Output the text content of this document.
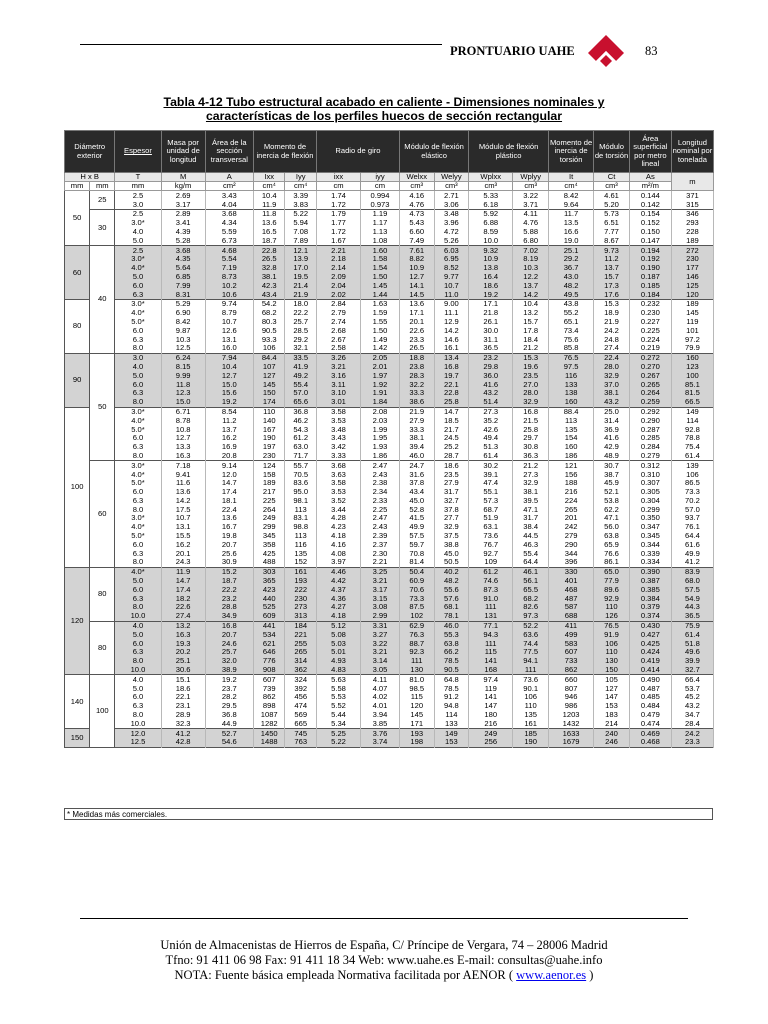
PRONTUARIO UAHE	83
Tabla 4-12 Tubo estructural acabado en caliente - Dimensiones nominales y
características de los perfiles huecos de sección rectangular
Diámetro exterior		Espesor	Masa por unidad de longitud	Área de la sección transversal	Momento de inercia de flexión		Radio de giro		Módulo de flexión elástico		Módulo de flexión plástico		Momento de inercia de torsión	Módulo de torsión	Área superficial por metro lineal	Longitud nominal por tonelada
H x B		T	M	A	Ixx	Iyy	ixx	iyy	Welxx	Welyy	Wplxx	Wplyy	It	Ct	As	m
mm	mm	mm	kg/m	cm²	cm⁴	cm⁴	cm	cm	cm³	cm³	cm³	cm³	cm⁴	cm³	m²/m	
50	25	2.5	2.69	3.43	10.4	3.39	1.74	0.994	4.16	2.71	5.33	3.22	8.42	4.61	0.144	371
		3.0	3.17	4.04	11.9	3.83	1.72	0.973	4.76	3.06	6.18	3.71	9.64	5.20	0.142	315
	30	2.5	2.89	3.68	11.8	5.22	1.79	1.19	4.73	3.48	5.92	4.11	11.7	5.73	0.154	346
		3.0*	3.41	4.34	13.6	5.94	1.77	1.17	5.43	3.96	6.88	4.76	13.5	6.51	0.152	293
		4.0	4.39	5.59	16.5	7.08	1.72	1.13	6.60	4.72	8.59	5.88	16.6	7.77	0.150	228
		5.0	5.28	6.73	18.7	7.89	1.67	1.08	7.49	5.26	10.0	6.80	19.0	8.67	0.147	189
60	40	2.5	3.68	4.68	22.8	12.1	2.21	1.60	7.61	6.03	9.32	7.02	25.1	9.73	0.194	272
		3.0*	4.35	5.54	26.5	13.9	2.18	1.58	8.82	6.95	10.9	8.19	29.2	11.2	0.192	230
		4.0*	5.64	7.19	32.8	17.0	2.14	1.54	10.9	8.52	13.8	10.3	36.7	13.7	0.190	177
		5.0	6.85	8.73	38.1	19.5	2.09	1.50	12.7	9.77	16.4	12.2	43.0	15.7	0.187	146
		6.0	7.99	10.2	42.3	21.4	2.04	1.45	14.1	10.7	18.6	13.7	48.2	17.3	0.185	125
		6.3	8.31	10.6	43.4	21.9	2.02	1.44	14.5	11.0	19.2	14.2	49.5	17.6	0.184	120
80		3.0*	5.29	9.74	54.2	18.0	2.84	1.63	13.6	9.00	17.1	10.4	43.8	15.3	0.232	189
		4.0*	6.90	8.79	68.2	22.2	2.79	1.59	17.1	11.1	21.8	13.2	55.2	18.9	0.230	145
		5.0*	8.42	10.7	80.3	25.7	2.74	1.55	20.1	12.9	26.1	15.7	65.1	21.9	0.227	119
		6.0	9.87	12.6	90.5	28.5	2.68	1.50	22.6	14.2	30.0	17.8	73.4	24.2	0.225	101
		6.3	10.3	13.1	93.3	29.2	2.67	1.49	23.3	14.6	31.1	18.4	75.6	24.8	0.224	97.2
		8.0	12.5	16.0	106	32.1	2.58	1.42	26.5	16.1	36.5	21.2	85.8	27.4	0.219	79.9
90	50	3.0	6.24	7.94	84.4	33.5	3.26	2.05	18.8	13.4	23.2	15.3	76.5	22.4	0.272	160
		4.0	8.15	10.4	107	41.9	3.21	2.01	23.8	16.8	29.8	19.6	97.5	28.0	0.270	123
		5.0	9.99	12.7	127	49.2	3.16	1.97	28.3	19.7	36.0	23.5	116	32.9	0.267	100
		6.0	11.8	15.0	145	55.4	3.11	1.92	32.2	22.1	41.6	27.0	133	37.0	0.265	85.1
		6.3	12.3	15.6	150	57.0	3.10	1.91	33.3	22.8	43.2	28.0	138	38.1	0.264	81.5
		8.0	15.0	19.2	174	65.6	3.01	1.84	38.6	25.8	51.4	32.9	160	43.2	0.259	66.5
100		3.0*	6.71	8.54	110	36.8	3.58	2.08	21.9	14.7	27.3	16.8	88.4	25.0	0.292	149
		4.0*	8.78	11.2	140	46.2	3.53	2.03	27.9	18.5	35.2	21.5	113	31.4	0.290	114
		5.0*	10.8	13.7	167	54.3	3.48	1.99	33.3	21.7	42.6	25.8	135	36.9	0.287	92.8
		6.0	12.7	16.2	190	61.2	3.43	1.95	38.1	24.5	49.4	29.7	154	41.6	0.285	78.8
		6.3	13.3	16.9	197	63.0	3.42	1.93	39.4	25.2	51.3	30.8	160	42.9	0.284	75.4
		8.0	16.3	20.8	230	71.7	3.33	1.86	46.0	28.7	61.4	36.3	186	48.9	0.279	61.4
	60	3.0*	7.18	9.14	124	55.7	3.68	2.47	24.7	18.6	30.2	21.2	121	30.7	0.312	139
		4.0*	9.41	12.0	158	70.5	3.63	2.43	31.6	23.5	39.1	27.3	156	38.7	0.310	106
		5.0*	11.6	14.7	189	83.6	3.58	2.38	37.8	27.9	47.4	32.9	188	45.9	0.307	86.5
		6.0	13.6	17.4	217	95.0	3.53	2.34	43.4	31.7	55.1	38.1	216	52.1	0.305	73.3
		6.3	14.2	18.1	225	98.1	3.52	2.33	45.0	32.7	57.3	39.5	224	53.8	0.304	70.2
		8.0	17.5	22.4	264	113	3.44	2.25	52.8	37.8	68.7	47.1	265	62.2	0.299	57.0
		3.0*	10.7	13.6	249	83.1	4.28	2.47	41.5	27.7	51.9	31.7	201	47.1	0.350	93.7
		4.0*	13.1	16.7	299	98.8	4.23	2.43	49.9	32.9	63.1	38.4	242	56.0	0.347	76.1
		5.0*	15.5	19.8	345	113	4.18	2.39	57.5	37.5	73.6	44.5	279	63.8	0.345	64.4
		6.0	16.2	20.7	358	116	4.16	2.37	59.7	38.8	76.7	46.3	290	65.9	0.344	61.6
		6.3	20.1	25.6	425	135	4.08	2.30	70.8	45.0	92.7	55.4	344	76.6	0.339	49.9
		8.0	24.3	30.9	488	152	3.97	2.21	81.4	50.5	109	64.4	396	86.1	0.334	41.2
120	80	4.0*	11.9	15.2	303	161	4.46	3.25	50.4	40.2	61.2	46.1	330	65.0	0.390	83.9
		5.0	14.7	18.7	365	193	4.42	3.21	60.9	48.2	74.6	56.1	401	77.9	0.387	68.0
		6.0	17.4	22.2	423	222	4.37	3.17	70.6	55.6	87.3	65.5	468	89.6	0.385	57.5
		6.3	18.2	23.2	440	230	4.36	3.15	73.3	57.6	91.0	68.2	487	92.9	0.384	54.9
		8.0	22.6	28.8	525	273	4.27	3.08	87.5	68.1	111	82.6	587	110	0.379	44.3
		10.0	27.4	34.9	609	313	4.18	2.99	102	78.1	131	97.3	688	126	0.374	36.5
	80	4.0	13.2	16.8	441	184	5.12	3.31	62.9	46.0	77.1	52.2	411	76.5	0.430	75.9
		5.0	16.3	20.7	534	221	5.08	3.27	76.3	55.3	94.3	63.6	499	91.9	0.427	61.4
		6.0	19.3	24.6	621	255	5.03	3.22	88.7	63.8	111	74.4	583	106	0.425	51.8
		6.3	20.2	25.7	646	265	5.01	3.21	92.3	66.2	115	77.5	607	110	0.424	49.6
		8.0	25.1	32.0	776	314	4.93	3.14	111	78.5	141	94.1	733	130	0.419	39.9
		10.0	30.6	38.9	908	362	4.83	3.05	130	90.5	168	111	862	150	0.414	32.7
140	100	4.0	15.1	19.2	607	324	5.63	4.11	81.0	64.8	97.4	73.6	660	105	0.490	66.4
		5.0	18.6	23.7	739	392	5.58	4.07	98.5	78.5	119	90.1	807	127	0.487	53.7
		6.0	22.1	28.2	862	456	5.53	4.02	115	91.2	141	106	946	147	0.485	45.2
		6.3	23.1	29.5	898	474	5.52	4.01	120	94.8	147	110	986	153	0.484	43.2
		8.0	28.9	36.8	1087	569	5.44	3.94	145	114	180	135	1203	183	0.479	34.7
		10.0	32.3	44.9	1282	665	5.34	3.85	171	133	216	161	1432	214	0.474	28.4
150		12.0	41.2	52.7	1450	745	5.25	3.76	193	149	249	185	1633	240	0.469	24.2
		12.5	42.8	54.6	1488	763	5.22	3.74	198	153	256	190	1679	246	0.468	23.3
* Medidas más comerciales.
Unión de Almacenistas de Hierros de España, C/ Príncipe de Vergara, 74 – 28006 Madrid
Tfno: 91 411 06 98 Fax: 91 411 18 34 Web: www.uahe.es E-mail: consultas@uahe.info
NOTA: Fuente básica empleada Normativa facilitada por AENOR ( www.aenor.es )
